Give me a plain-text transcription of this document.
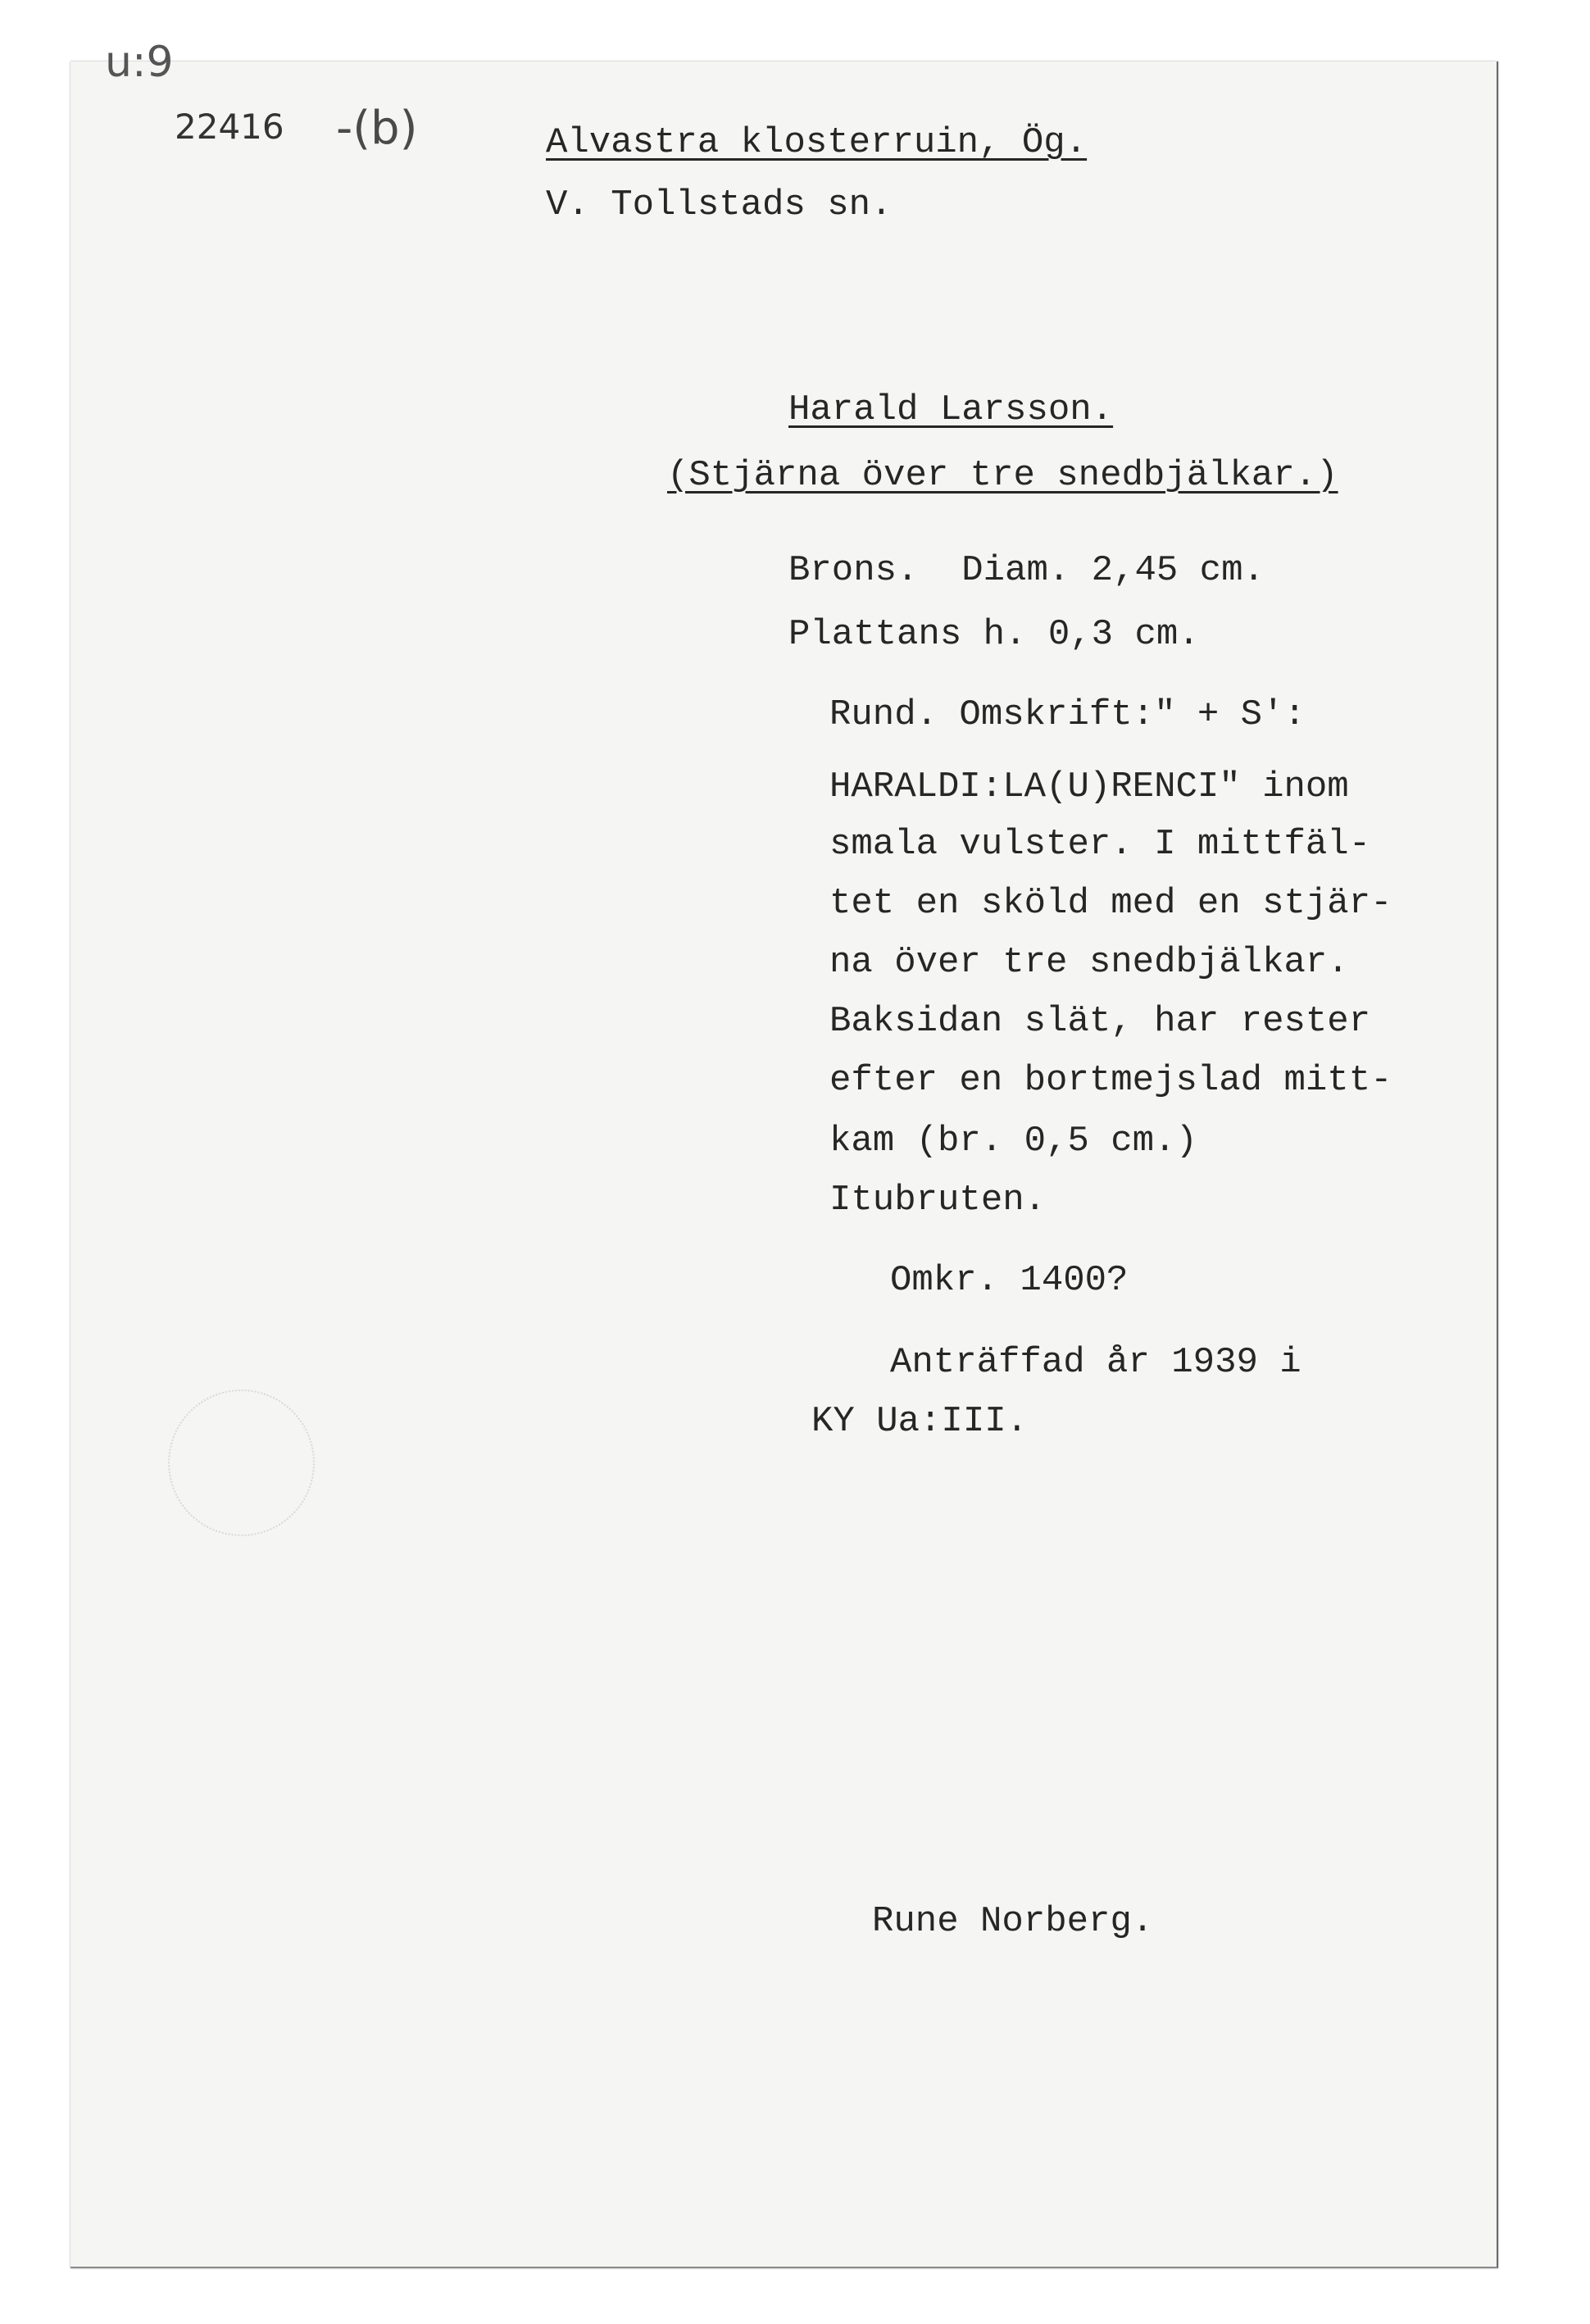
u:9
22416 -(b)	Alvastra klosterruin, Ög.
V. Tollstads sn.
Harald Larsson.
(Stjärna över tre snedbjälkar.)
Brons.  Diam. 2,45 cm.
Plattans h. 0,3 cm.
Rund. Omskrift:" + S':
HARALDI:LA(U)RENCI" inom
smala vulster. I mittfäl-
tet en sköld med en stjär-
na över tre snedbjälkar.
Baksidan slät, har rester
efter en bortmejslad mitt-
kam (br. 0,5 cm.)
Itubruten.
Omkr. 1400?
Anträffad år 1939 i
KY Ua:III.
Rune Norberg.
